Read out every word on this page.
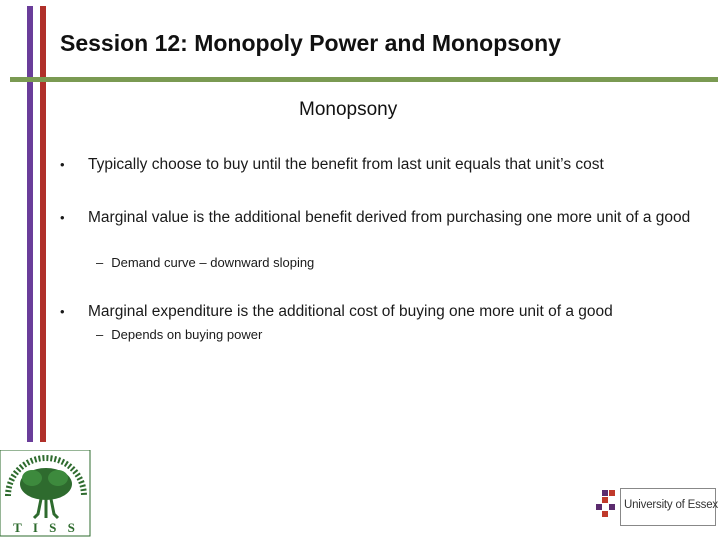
Session 12: Monopoly Power and Monopsony
Monopsony
• Typically choose to buy until the benefit from last unit equals that unit’s cost
• Marginal value is the additional benefit derived from purchasing one more unit of a good
– Demand curve – downward sloping
• Marginal expenditure is the additional cost of buying one more unit of a good
– Depends on buying power
T I S S
University of Essex
